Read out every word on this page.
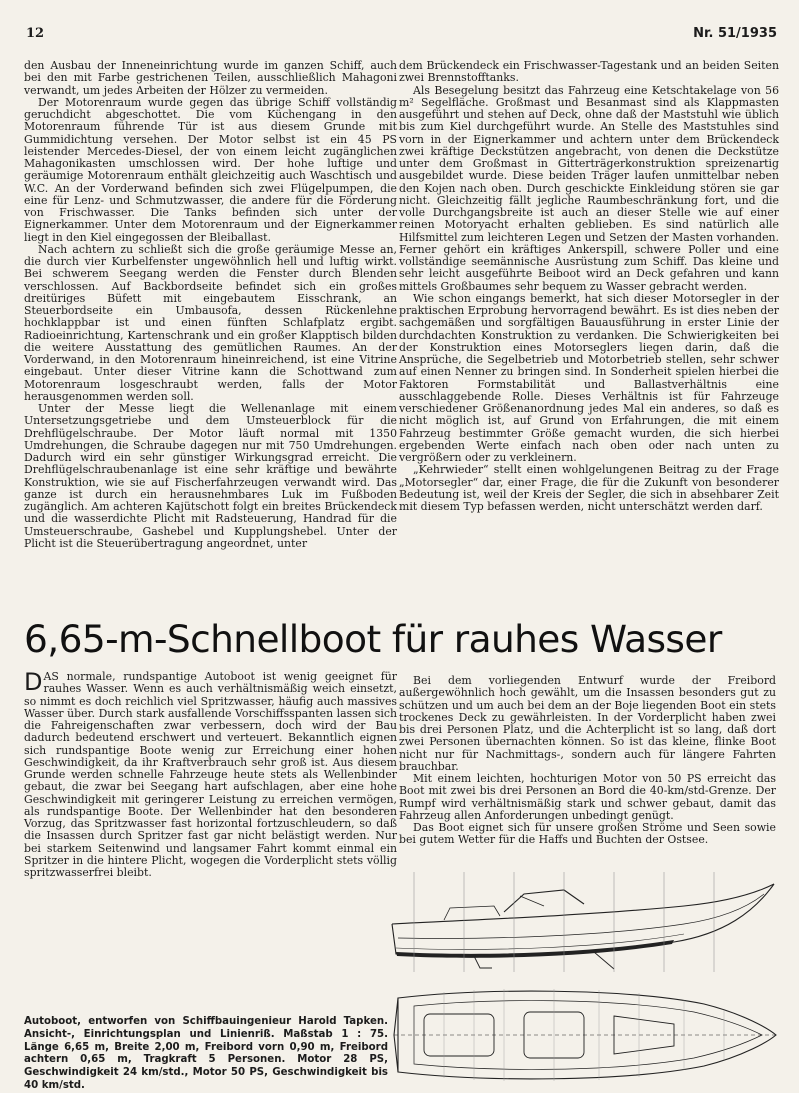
12	Nr. 51/1935

den Ausbau der Inneneinrichtung wurde im ganzen Schiff, auch bei den mit Farbe gestrichenen Teilen, ausschließlich Mahagoni verwandt, um jedes Arbeiten der Hölzer zu vermeiden.

Der Motorenraum wurde gegen das übrige Schiff vollständig geruchdicht abgeschottet. Die vom Küchengang in den Motorenraum führende Tür ist aus diesem Grunde mit Gummidichtung versehen. Der Motor selbst ist ein 45 PS leistender Mercedes-Diesel, der von einem leicht zugänglichen Mahagonikasten umschlossen wird. Der hohe luftige und geräumige Motorenraum enthält gleichzeitig auch Waschtisch und W.C. An der Vorderwand befinden sich zwei Flügelpumpen, die eine für Lenz- und Schmutzwasser, die andere für die Förderung von Frischwasser. Die Tanks befinden sich unter der Eignerkammer. Unter dem Motorenraum und der Eignerkammer liegt in den Kiel eingegossen der Bleiballast.

Nach achtern zu schließt sich die große geräumige Messe an, die durch vier Kurbelfenster ungewöhnlich hell und luftig wirkt. Bei schwerem Seegang werden die Fenster durch Blenden verschlossen. Auf Backbordseite befindet sich ein großes dreitüriges Büfett mit eingebautem Eisschrank, an Steuerbordseite ein Umbausofa, dessen Rückenlehne hochklappbar ist und einen fünften Schlafplatz ergibt. Radioeinrichtung, Kartenschrank und ein großer Klapptisch bilden die weitere Ausstattung des gemütlichen Raumes. An der Vorderwand, in den Motorenraum hineinreichend, ist eine Vitrine eingebaut. Unter dieser Vitrine kann die Schottwand zum Motorenraum losgeschraubt werden, falls der Motor herausgenommen werden soll.

Unter der Messe liegt die Wellenanlage mit einem Untersetzungsgetriebe und dem Umsteuerblock für die Drehflügelschraube. Der Motor läuft normal mit 1350 Umdrehungen, die Schraube dagegen nur mit 750 Umdrehungen. Dadurch wird ein sehr günstiger Wirkungsgrad erreicht. Die Drehflügelschraubenanlage ist eine sehr kräftige und bewährte Konstruktion, wie sie auf Fischerfahrzeugen verwandt wird. Das ganze ist durch ein herausnehmbares Luk im Fußboden zugänglich. Am achteren Kajütschott folgt ein breites Brückendeck und die wasserdichte Plicht mit Radsteuerung, Handrad für die Umsteuerschraube, Gashebel und Kupplungshebel. Unter der Plicht ist die Steuerübertragung angeordnet, unter

dem Brückendeck ein Frischwasser-Tagestank und an beiden Seiten zwei Brennstofftanks.

Als Besegelung besitzt das Fahrzeug eine Ketschtakelage von 56 m² Segelfläche. Großmast und Besanmast sind als Klappmasten ausgeführt und stehen auf Deck, ohne daß der Maststuhl wie üblich bis zum Kiel durchgeführt wurde. An Stelle des Maststuhles sind vorn in der Eignerkammer und achtern unter dem Brückendeck zwei kräftige Deckstützen angebracht, von denen die Deckstütze unter dem Großmast in Gitterträgerkonstruktion spreizenartig ausgebildet wurde. Diese beiden Träger laufen unmittelbar neben den Kojen nach oben. Durch geschickte Einkleidung stören sie gar nicht. Gleichzeitig fällt jegliche Raumbeschränkung fort, und die volle Durchgangsbreite ist auch an dieser Stelle wie auf einer reinen Motoryacht erhalten geblieben. Es sind natürlich alle Hilfsmittel zum leichteren Legen und Setzen der Masten vorhanden. Ferner gehört ein kräftiges Ankerspill, schwere Poller und eine vollständige seemännische Ausrüstung zum Schiff. Das kleine und sehr leicht ausgeführte Beiboot wird an Deck gefahren und kann mittels Großbaumes sehr bequem zu Wasser gebracht werden.

Wie schon eingangs bemerkt, hat sich dieser Motorsegler in der praktischen Erprobung hervorragend bewährt. Es ist dies neben der sachgemäßen und sorgfältigen Bauausführung in erster Linie der durchdachten Konstruktion zu verdanken. Die Schwierigkeiten bei der Konstruktion eines Motorseglers liegen darin, daß die Ansprüche, die Segelbetrieb und Motorbetrieb stellen, sehr schwer auf einen Nenner zu bringen sind. In Sonderheit spielen hierbei die Faktoren Formstabilität und Ballastverhältnis eine ausschlaggebende Rolle. Dieses Verhältnis ist für Fahrzeuge verschiedener Größenanordnung jedes Mal ein anderes, so daß es nicht möglich ist, auf Grund von Erfahrungen, die mit einem Fahrzeug bestimmter Größe gemacht wurden, die sich hierbei ergebenden Werte einfach nach oben oder nach unten zu vergrößern oder zu verkleinern.

„Kehrwieder“ stellt einen wohlgelungenen Beitrag zu der Frage „Motorsegler“ dar, einer Frage, die für die Zukunft von besonderer Bedeutung ist, weil der Kreis der Segler, die sich in absehbarer Zeit mit diesem Typ befassen werden, nicht unterschätzt werden darf.

6,65-m-Schnellboot für rauhes Wasser

DAS normale, rundspantige Autoboot ist wenig geeignet für rauhes Wasser. Wenn es auch verhältnismäßig weich einsetzt, so nimmt es doch reichlich viel Spritzwasser, häufig auch massives Wasser über. Durch stark ausfallende Vorschiffsspanten lassen sich die Fahreigenschaften zwar verbessern, doch wird der Bau dadurch bedeutend erschwert und verteuert. Bekanntlich eignen sich rundspantige Boote wenig zur Erreichung einer hohen Geschwindigkeit, da ihr Kraftverbrauch sehr groß ist. Aus diesem Grunde werden schnelle Fahrzeuge heute stets als Wellenbinder gebaut, die zwar bei Seegang hart aufschlagen, aber eine hohe Geschwindigkeit mit geringerer Leistung zu erreichen vermögen, als rundspantige Boote. Der Wellenbinder hat den besonderen Vorzug, das Spritzwasser fast horizontal fortzuschleudern, so daß die Insassen durch Spritzer fast gar nicht belästigt werden. Nur bei starkem Seitenwind und langsamer Fahrt kommt einmal ein Spritzer in die hintere Plicht, wogegen die Vorderplicht stets völlig spritzwasserfrei bleibt.

Bei dem vorliegenden Entwurf wurde der Freibord außergewöhnlich hoch gewählt, um die Insassen besonders gut zu schützen und um auch bei dem an der Boje liegenden Boot ein stets trockenes Deck zu gewährleisten. In der Vorderplicht haben zwei bis drei Personen Platz, und die Achterplicht ist so lang, daß dort zwei Personen übernachten können. So ist das kleine, flinke Boot nicht nur für Nachmittags-, sondern auch für längere Fahrten brauchbar.

Mit einem leichten, hochturigen Motor von 50 PS erreicht das Boot mit zwei bis drei Personen an Bord die 40-km/std-Grenze. Der Rumpf wird verhältnismäßig stark und schwer gebaut, damit das Fahrzeug allen Anforderungen unbedingt genügt.

Das Boot eignet sich für unsere großen Ströme und Seen sowie bei gutem Wetter für die Haffs und Buchten der Ostsee.

Autoboot, entworfen von Schiffbauingenieur Harold Tapken. Ansicht-, Einrichtungsplan und Linienriß. Maßstab 1 : 75. Länge 6,65 m, Breite 2,00 m, Freibord vorn 0,90 m, Freibord achtern 0,65 m, Tragkraft 5 Personen. Motor 28 PS, Geschwindigkeit 24 km/std., Motor 50 PS, Geschwindigkeit bis 40 km/std.
